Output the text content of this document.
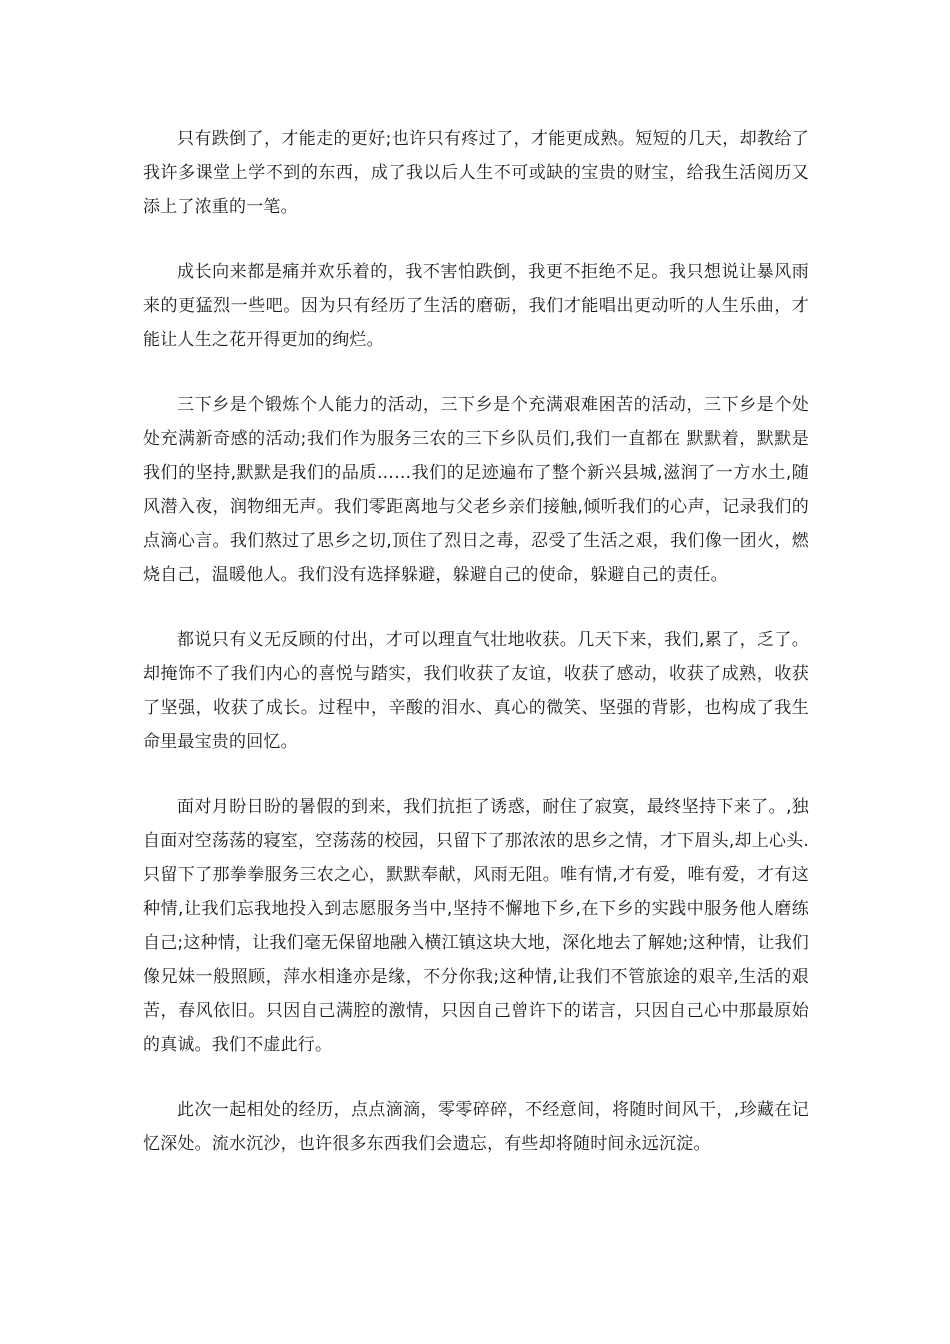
只有跌倒了，才能走的更好;也许只有疼过了，才能更成熟。短短的几天，却教给了我许多课堂上学不到的东西，成了我以后人生不可或缺的宝贵的财宝，给我生活阅历又添上了浓重的一笔。

成长向来都是痛并欢乐着的，我不害怕跌倒，我更不拒绝不足。我只想说让暴风雨来的更猛烈一些吧。因为只有经历了生活的磨砺，我们才能唱出更动听的人生乐曲，才能让人生之花开得更加的绚烂。

三下乡是个锻炼个人能力的活动，三下乡是个充满艰难困苦的活动，三下乡是个处处充满新奇感的活动;我们作为服务三农的三下乡队员们,我们一直都在 默默着，默默是我们的坚持,默默是我们的品质……我们的足迹遍布了整个新兴县城,滋润了一方水土,随风潜入夜，润物细无声。我们零距离地与父老乡亲们接触,倾听我们的心声，记录我们的点滴心言。我们熬过了思乡之切,顶住了烈日之毒，忍受了生活之艰，我们像一团火，燃烧自己，温暖他人。我们没有选择躲避，躲避自己的使命，躲避自己的责任。

都说只有义无反顾的付出，才可以理直气壮地收获。几天下来，我们,累了，乏了。却掩饰不了我们内心的喜悦与踏实，我们收获了友谊，收获了感动，收获了成熟，收获了坚强，收获了成长。过程中，辛酸的泪水、真心的微笑、坚强的背影，也构成了我生命里最宝贵的回忆。

面对月盼日盼的暑假的到来，我们抗拒了诱惑，耐住了寂寞，最终坚持下来了。,独自面对空荡荡的寝室，空荡荡的校园，只留下了那浓浓的思乡之情，才下眉头,却上心头. 只留下了那拳拳服务三农之心，默默奉献，风雨无阻。唯有情,才有爱，唯有爱，才有这种情,让我们忘我地投入到志愿服务当中,坚持不懈地下乡,在下乡的实践中服务他人磨练自己;这种情，让我们毫无保留地融入横江镇这块大地，深化地去了解她;这种情，让我们像兄妹一般照顾，萍水相逢亦是缘，不分你我;这种情,让我们不管旅途的艰辛,生活的艰苦，春风依旧。只因自己满腔的激情，只因自己曾许下的诺言，只因自己心中那最原始的真诚。我们不虚此行。

此次一起相处的经历，点点滴滴，零零碎碎，不经意间，将随时间风干，,珍藏在记忆深处。流水沉沙，也许很多东西我们会遗忘，有些却将随时间永远沉淀。
